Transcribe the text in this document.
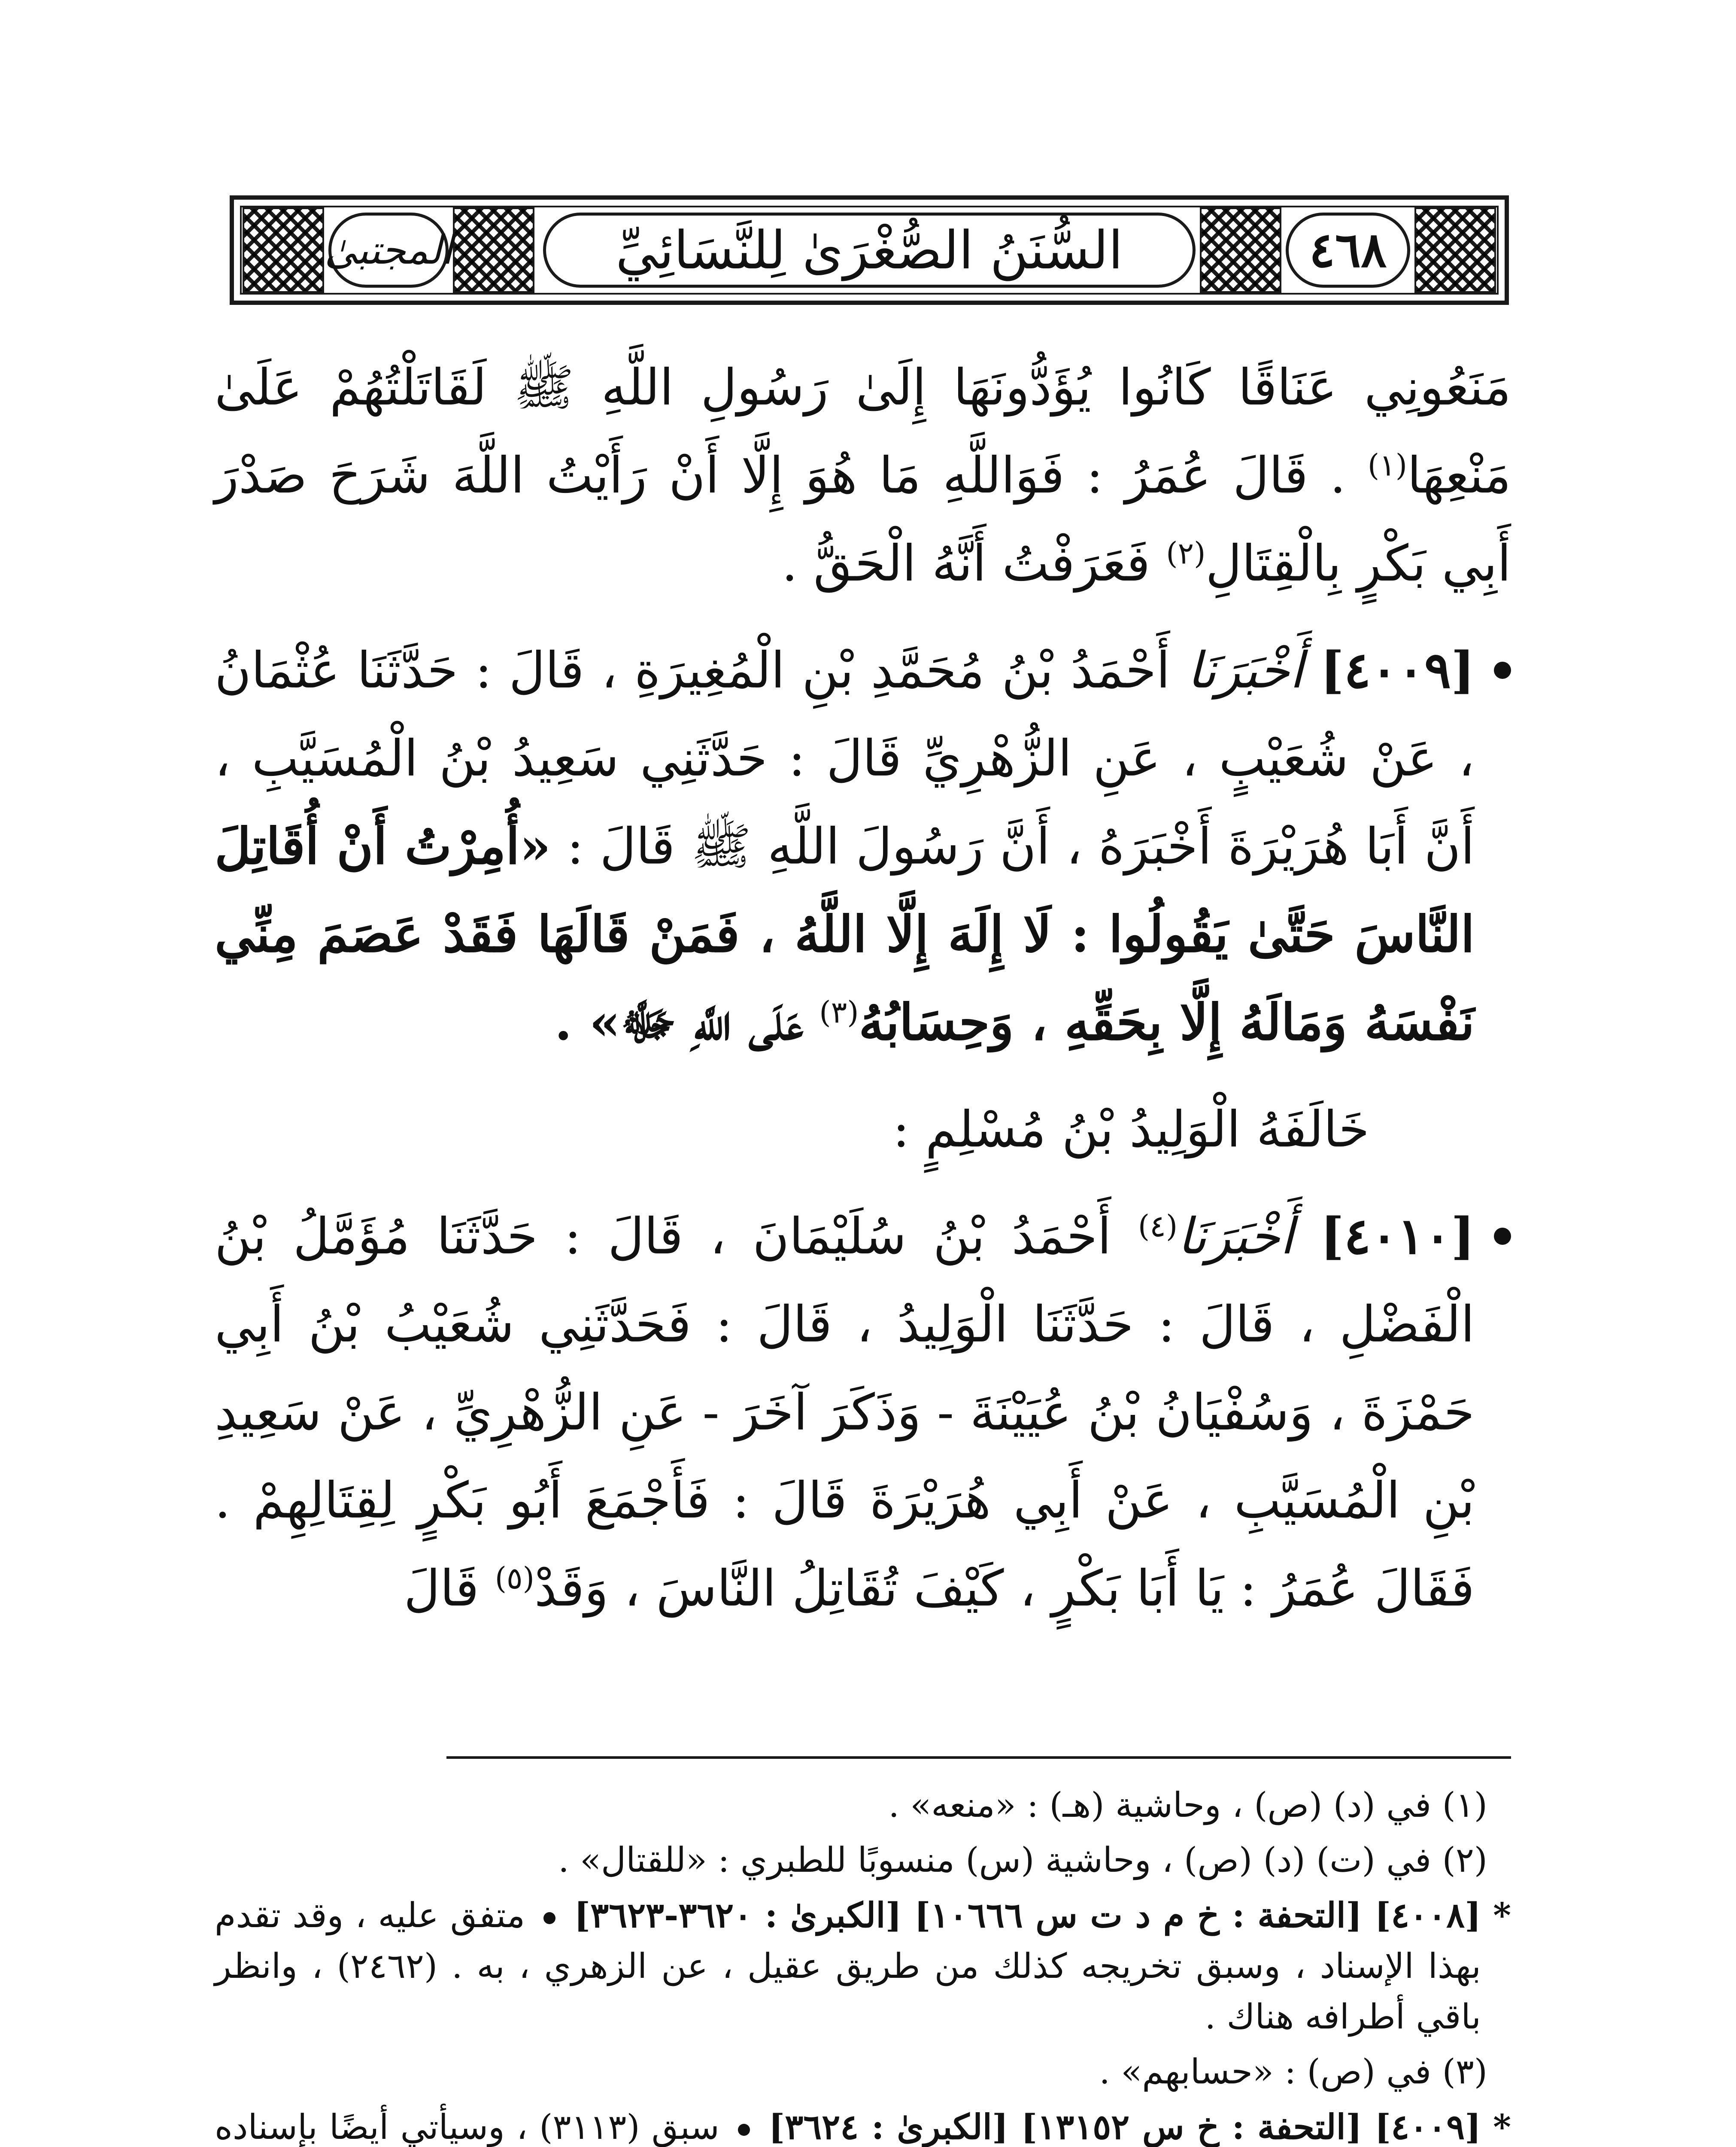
المجتبىٰ	السُّنَنُ الصُّغْرَىٰ لِلنَّسَائِيِّ	٤٦٨

مَنَعُونِي عَنَاقًا كَانُوا يُؤَدُّونَهَا إِلَىٰ رَسُولِ اللَّهِ ﷺ لَقَاتَلْتُهُمْ عَلَىٰ مَنْعِهَا$^{(١)}$ . قَالَ عُمَرُ : فَوَاللَّهِ مَا هُوَ إِلَّا أَنْ رَأَيْتُ اللَّهَ شَرَحَ صَدْرَ أَبِي بَكْرٍ بِالْقِتَالِ$^{(٢)}$ فَعَرَفْتُ أَنَّهُ الْحَقُّ .

[٤٠٠٩] أَخْبَرَنَا أَحْمَدُ بْنُ مُحَمَّدِ بْنِ الْمُغِيرَةِ ، قَالَ : حَدَّثَنَا عُثْمَانُ ، عَنْ شُعَيْبٍ ، عَنِ الزُّهْرِيِّ قَالَ : حَدَّثَنِي سَعِيدُ بْنُ الْمُسَيَّبِ ، أَنَّ أَبَا هُرَيْرَةَ أَخْبَرَهُ ، أَنَّ رَسُولَ اللَّهِ ﷺ قَالَ : «أُمِرْتُ أَنْ أُقَاتِلَ النَّاسَ حَتَّىٰ يَقُولُوا : لَا إِلَهَ إِلَّا اللَّهُ ، فَمَنْ قَالَهَا فَقَدْ عَصَمَ مِنِّي نَفْسَهُ وَمَالَهُ إِلَّا بِحَقِّهِ ، وَحِسَابُهُ$^{(٣)}$ عَلَى اللَّهِ ﷻ» .

خَالَفَهُ الْوَلِيدُ بْنُ مُسْلِمٍ :

[٤٠١٠] أَخْبَرَنَا$^{(٤)}$ أَحْمَدُ بْنُ سُلَيْمَانَ ، قَالَ : حَدَّثَنَا مُؤَمَّلُ بْنُ الْفَضْلِ ، قَالَ : حَدَّثَنَا الْوَلِيدُ ، قَالَ : فَحَدَّثَنِي شُعَيْبُ بْنُ أَبِي حَمْزَةَ ، وَسُفْيَانُ بْنُ عُيَيْنَةَ - وَذَكَرَ آخَرَ - عَنِ الزُّهْرِيِّ ، عَنْ سَعِيدِ بْنِ الْمُسَيَّبِ ، عَنْ أَبِي هُرَيْرَةَ قَالَ : فَأَجْمَعَ أَبُو بَكْرٍ لِقِتَالِهِمْ . فَقَالَ عُمَرُ : يَا أَبَا بَكْرٍ ، كَيْفَ تُقَاتِلُ النَّاسَ ، وَقَدْ$^{(٥)}$ قَالَ

(١) في (د) (ص) ، وحاشية (هـ) : «منعه» .

(٢) في (ت) (د) (ص) ، وحاشية (س) منسوبًا للطبري : «للقتال» .

*
[٤٠٠٨] [التحفة : خ م د ت س ١٠٦٦٦] [الكبرىٰ : ٣٦٢٠-٣٦٢٣]  متفق عليه ، وقد تقدم بهذا الإسناد ، وسبق تخريجه كذلك من طريق عقيل ، عن الزهري ، به . (٢٤٦٢) ، وانظر باقي أطرافه هناك .

(٣) في (ص) : «حسابهم» .

*
[٤٠٠٩] [التحفة : خ س ١٣١٥٢] [الكبرىٰ : ٣٦٢٤]  سبق (٣١١٣) ، وسيأتي أيضًا بإسناده
